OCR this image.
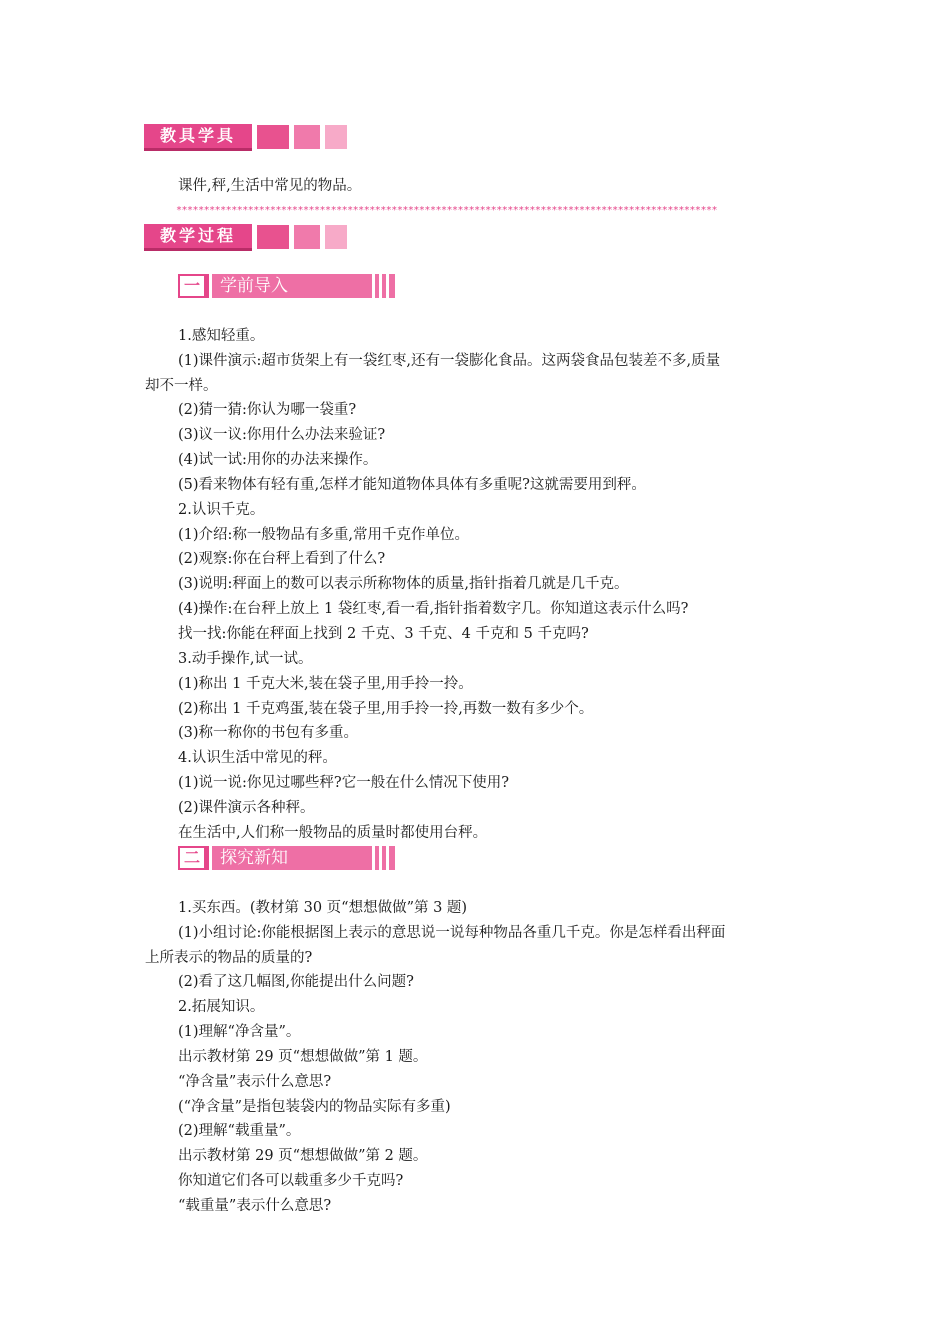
教具学具
课件,秤,生活中常见的物品。
**************************************************************************************************
教学过程
一	学前导入
1.感知轻重。
(1)课件演示:超市货架上有一袋红枣,还有一袋膨化食品。这两袋食品包装差不多,质量
却不一样。
(2)猜一猜:你认为哪一袋重?
(3)议一议:你用什么办法来验证?
(4)试一试:用你的办法来操作。
(5)看来物体有轻有重,怎样才能知道物体具体有多重呢?这就需要用到秤。
2.认识千克。
(1)介绍:称一般物品有多重,常用千克作单位。
(2)观察:你在台秤上看到了什么?
(3)说明:秤面上的数可以表示所称物体的质量,指针指着几就是几千克。
(4)操作:在台秤上放上 1 袋红枣,看一看,指针指着数字几。你知道这表示什么吗?
找一找:你能在秤面上找到 2 千克、3 千克、4 千克和 5 千克吗?
3.动手操作,试一试。
(1)称出 1 千克大米,装在袋子里,用手拎一拎。
(2)称出 1 千克鸡蛋,装在袋子里,用手拎一拎,再数一数有多少个。
(3)称一称你的书包有多重。
4.认识生活中常见的秤。
(1)说一说:你见过哪些秤?它一般在什么情况下使用?
(2)课件演示各种秤。
在生活中,人们称一般物品的质量时都使用台秤。
二	探究新知
1.买东西。(教材第 30 页“想想做做”第 3 题)
(1)小组讨论:你能根据图上表示的意思说一说每种物品各重几千克。你是怎样看出秤面
上所表示的物品的质量的?
(2)看了这几幅图,你能提出什么问题?
2.拓展知识。
(1)理解“净含量”。
出示教材第 29 页“想想做做”第 1 题。
“净含量”表示什么意思?
(“净含量”是指包装袋内的物品实际有多重)
(2)理解“载重量”。
出示教材第 29 页“想想做做”第 2 题。
你知道它们各可以载重多少千克吗?
“载重量”表示什么意思?
